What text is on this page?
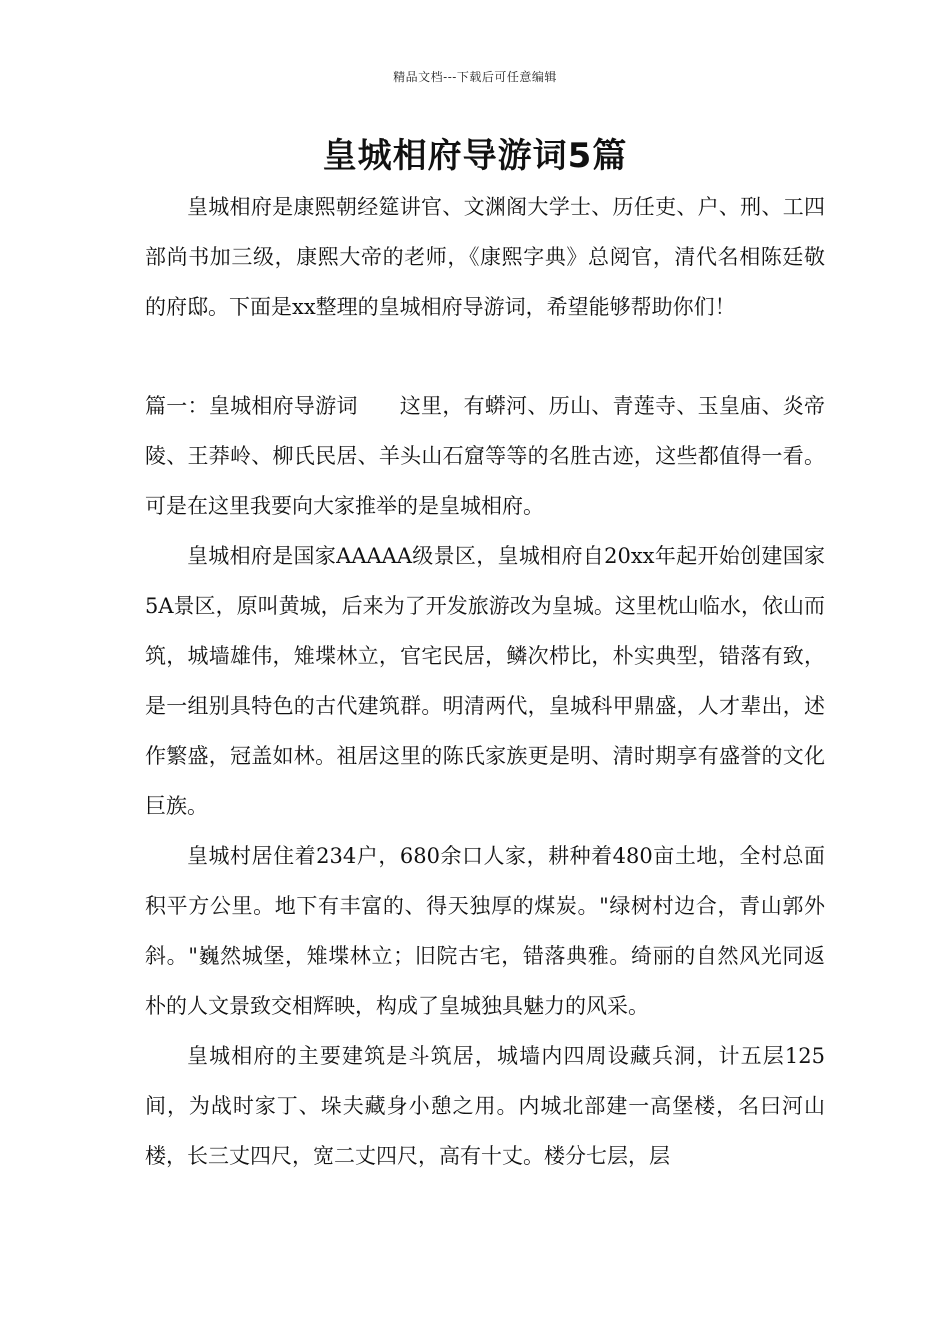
精品文档---下载后可任意编辑
皇城相府导游词5篇

皇城相府是康熙朝经筵讲官、文渊阁大学士、历任吏、户、刑、工四部尚书加三级，康熙大帝的老师，《康熙字典》总阅官，清代名相陈廷敬的府邸。下面是xx整理的皇城相府导游词，希望能够帮助你们！

篇一：皇城相府导游词 这里，有蟒河、历山、青莲寺、玉皇庙、炎帝陵、王莽岭、柳氏民居、羊头山石窟等等的名胜古迹，这些都值得一看。可是在这里我要向大家推举的是皇城相府。

皇城相府是国家AAAAA级景区，皇城相府自20xx年起开始创建国家5A景区，原叫黄城，后来为了开发旅游改为皇城。这里枕山临水，依山而筑，城墙雄伟，雉堞林立，官宅民居，鳞次栉比，朴实典型，错落有致，是一组别具特色的古代建筑群。明清两代，皇城科甲鼎盛，人才辈出，述作繁盛，冠盖如林。祖居这里的陈氏家族更是明、清时期享有盛誉的文化巨族。

皇城村居住着234户，680余口人家，耕种着480亩土地，全村总面积平方公里。地下有丰富的、得天独厚的煤炭。"绿树村边合，青山郭外斜。"巍然城堡，雉堞林立；旧院古宅，错落典雅。绮丽的自然风光同返朴的人文景致交相辉映，构成了皇城独具魅力的风采。

皇城相府的主要建筑是斗筑居，城墙内四周设藏兵洞，计五层125间，为战时家丁、垛夫藏身小憩之用。内城北部建一高堡楼，名曰河山楼，长三丈四尺，宽二丈四尺，高有十丈。楼分七层，层
